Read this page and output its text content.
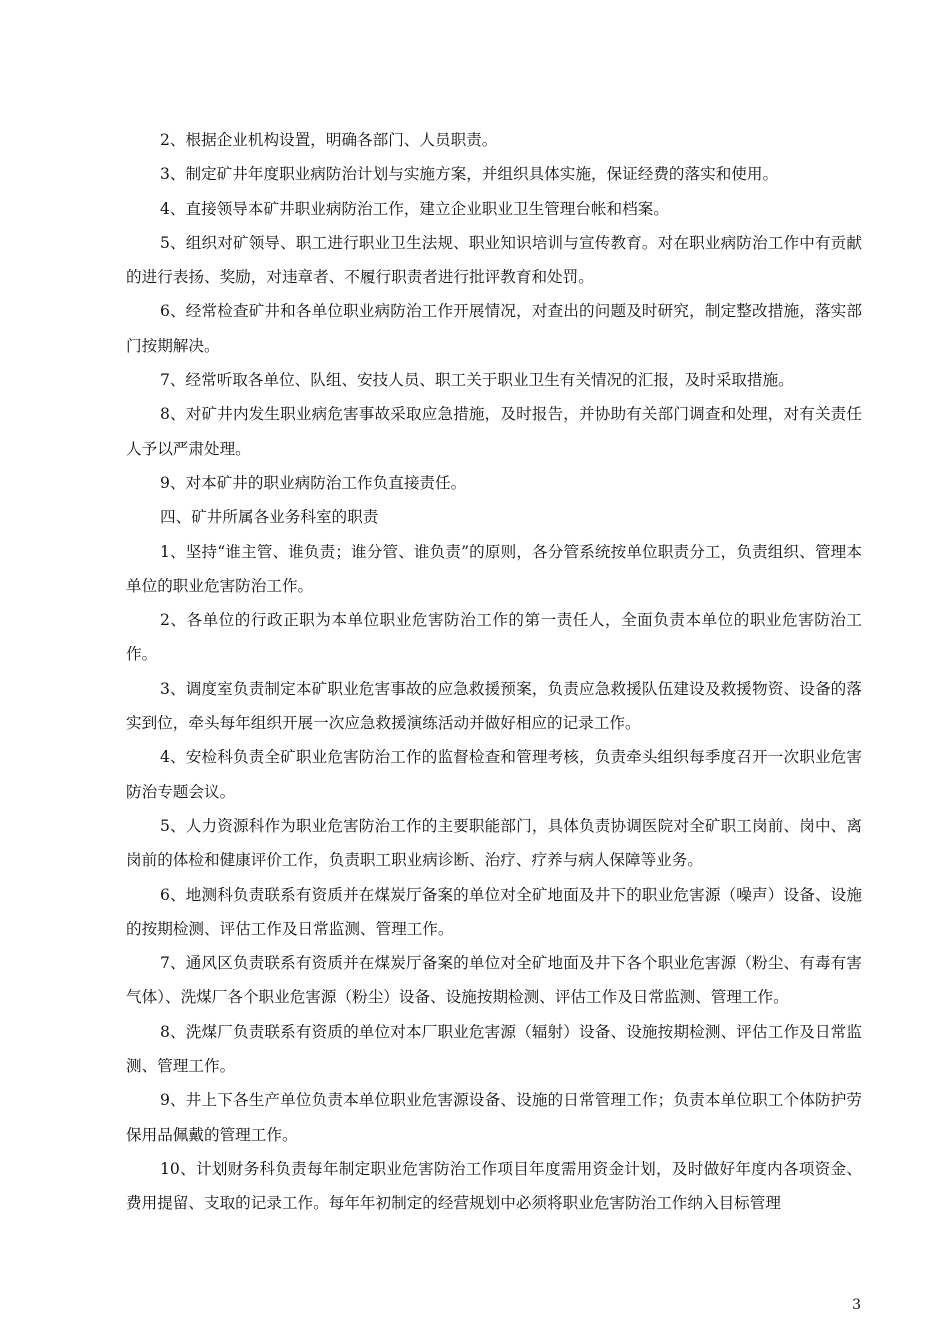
2、根据企业机构设置，明确各部门、人员职责。

3、制定矿井年度职业病防治计划与实施方案，并组织具体实施，保证经费的落实和使用。

4、直接领导本矿井职业病防治工作，建立企业职业卫生管理台帐和档案。

5、组织对矿领导、职工进行职业卫生法规、职业知识培训与宣传教育。对在职业病防治工作中有贡献的进行表扬、奖励，对违章者、不履行职责者进行批评教育和处罚。

6、经常检查矿井和各单位职业病防治工作开展情况，对查出的问题及时研究，制定整改措施，落实部门按期解决。

7、经常听取各单位、队组、安技人员、职工关于职业卫生有关情况的汇报，及时采取措施。

8、对矿井内发生职业病危害事故采取应急措施，及时报告，并协助有关部门调查和处理，对有关责任人予以严肃处理。

9、对本矿井的职业病防治工作负直接责任。

四、矿井所属各业务科室的职责

1、坚持“谁主管、谁负责；谁分管、谁负责”的原则，各分管系统按单位职责分工，负责组织、管理本单位的职业危害防治工作。

2、各单位的行政正职为本单位职业危害防治工作的第一责任人，全面负责本单位的职业危害防治工作。

3、调度室负责制定本矿职业危害事故的应急救援预案，负责应急救援队伍建设及救援物资、设备的落实到位，牵头每年组织开展一次应急救援演练活动并做好相应的记录工作。

4、安检科负责全矿职业危害防治工作的监督检查和管理考核，负责牵头组织每季度召开一次职业危害防治专题会议。

5、人力资源科作为职业危害防治工作的主要职能部门，具体负责协调医院对全矿职工岗前、岗中、离岗前的体检和健康评价工作，负责职工职业病诊断、治疗、疗养与病人保障等业务。

6、地测科负责联系有资质并在煤炭厅备案的单位对全矿地面及井下的职业危害源（噪声）设备、设施的按期检测、评估工作及日常监测、管理工作。

7、通风区负责联系有资质并在煤炭厅备案的单位对全矿地面及井下各个职业危害源（粉尘、有毒有害气体）、洗煤厂各个职业危害源（粉尘）设备、设施按期检测、评估工作及日常监测、管理工作。

8、洗煤厂负责联系有资质的单位对本厂职业危害源（辐射）设备、设施按期检测、评估工作及日常监测、管理工作。

9、井上下各生产单位负责本单位职业危害源设备、设施的日常管理工作；负责本单位职工个体防护劳保用品佩戴的管理工作。

10、计划财务科负责每年制定职业危害防治工作项目年度需用资金计划，及时做好年度内各项资金、费用提留、支取的记录工作。每年年初制定的经营规划中必须将职业危害防治工作纳入目标管理

3
